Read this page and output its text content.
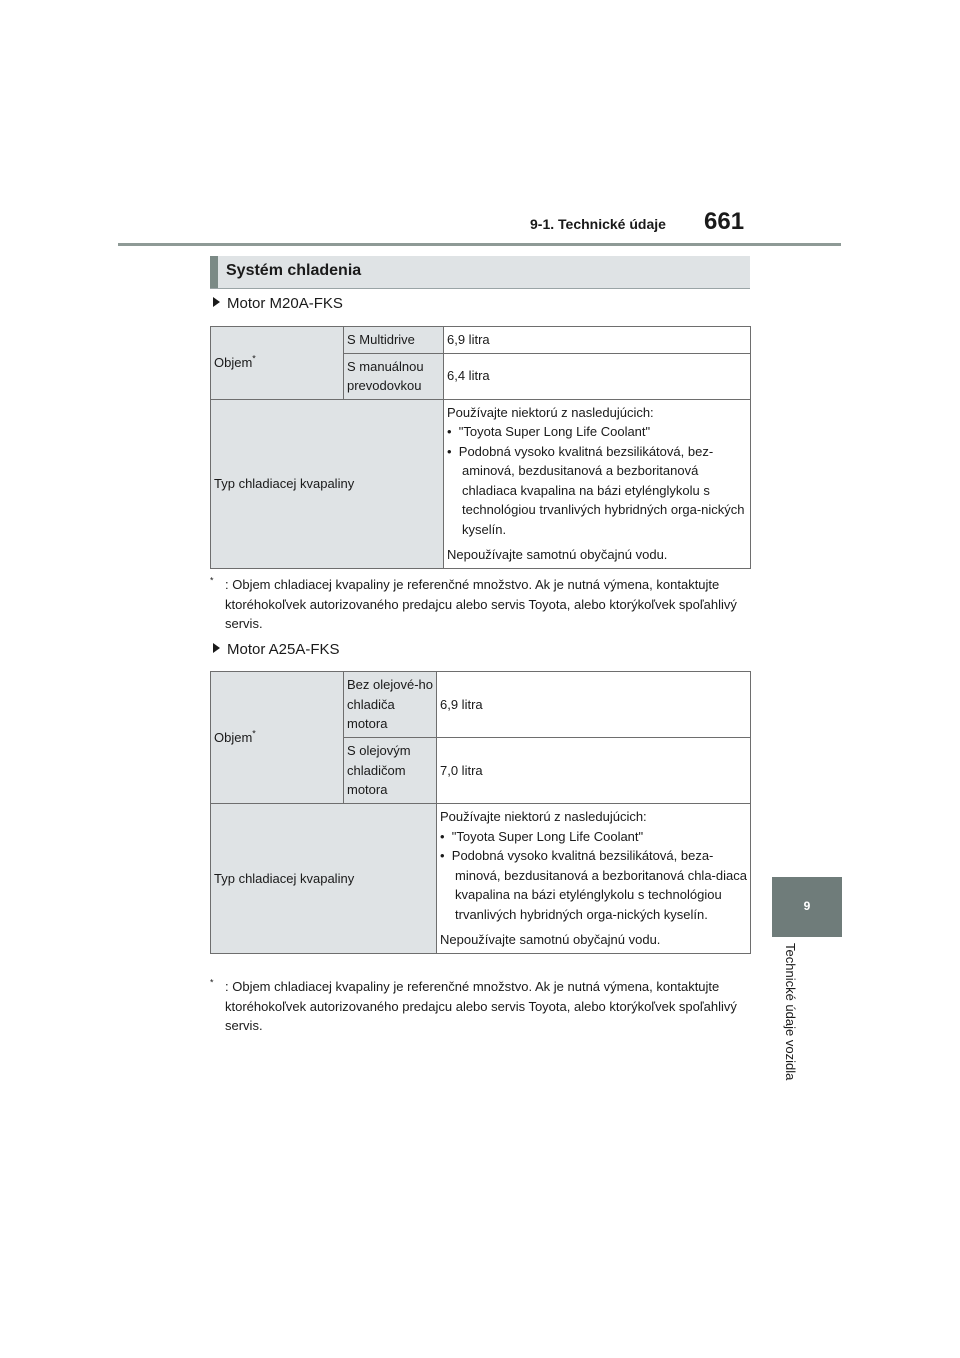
9-1. Technické údaje 661
Systém chladenia
Motor M20A-FKS
Objem*	S Multidrive	6,9 litra
	S manuálnou prevodovkou	6,4 litra
Typ chladiacej kvapaliny		Používajte niektorú z nasledujúcich:

•  "Toyota Super Long Life Coolant"

•  Podobná vysoko kvalitná bezsilikátová, bez-aminová, bezdusitanová a bezboritanová chladiaca kvapalina na bázi etylénglykolu s technológiou trvanlivých hybridných orga-nických kyselín.

Nepoužívajte samotnú obyčajnú vodu.

* : Objem chladiacej kvapaliny je referenčné množstvo. Ak je nutná výmena, kontaktujte ktoréhokoľvek autorizovaného predajcu alebo servis Toyota, alebo ktorýkoľvek spoľahlivý servis.
Motor A25A-FKS
Objem*	Bez olejové-ho chladiča motora	6,9 litra
	S olejovým chladičom motora	7,0 litra
Typ chladiacej kvapaliny		Používajte niektorú z nasledujúcich:

•  "Toyota Super Long Life Coolant"

•  Podobná vysoko kvalitná bezsilikátová, beza-minová, bezdusitanová a bezboritanová chla-diaca kvapalina na bázi etylénglykolu s technológiou trvanlivých hybridných orga-nických kyselín.

Nepoužívajte samotnú obyčajnú vodu.

* : Objem chladiacej kvapaliny je referenčné množstvo. Ak je nutná výmena, kontaktujte ktoréhokoľvek autorizovaného predajcu alebo servis Toyota, alebo ktorýkoľvek spoľahlivý servis.
9
Technické údaje vozidla
